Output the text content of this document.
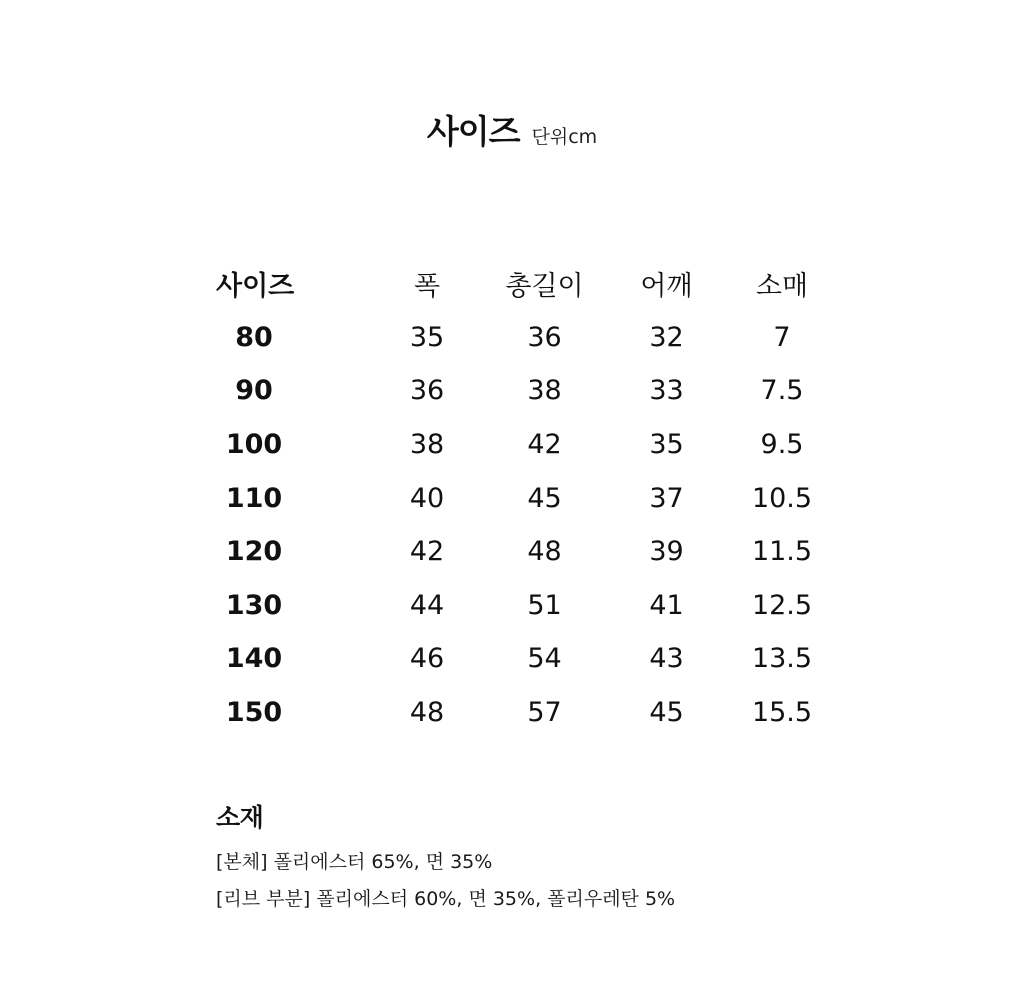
사이즈 단위cm
사이즈	폭	총길이	어깨	소매
80	35	36	32	7
90	36	38	33	7.5
100	38	42	35	9.5
110	40	45	37	10.5
120	42	48	39	11.5
130	44	51	41	12.5
140	46	54	43	13.5
150	48	57	45	15.5
소재
[본체] 폴리에스터 65%, 면 35%
[리브 부분] 폴리에스터 60%, 면 35%, 폴리우레탄 5%
